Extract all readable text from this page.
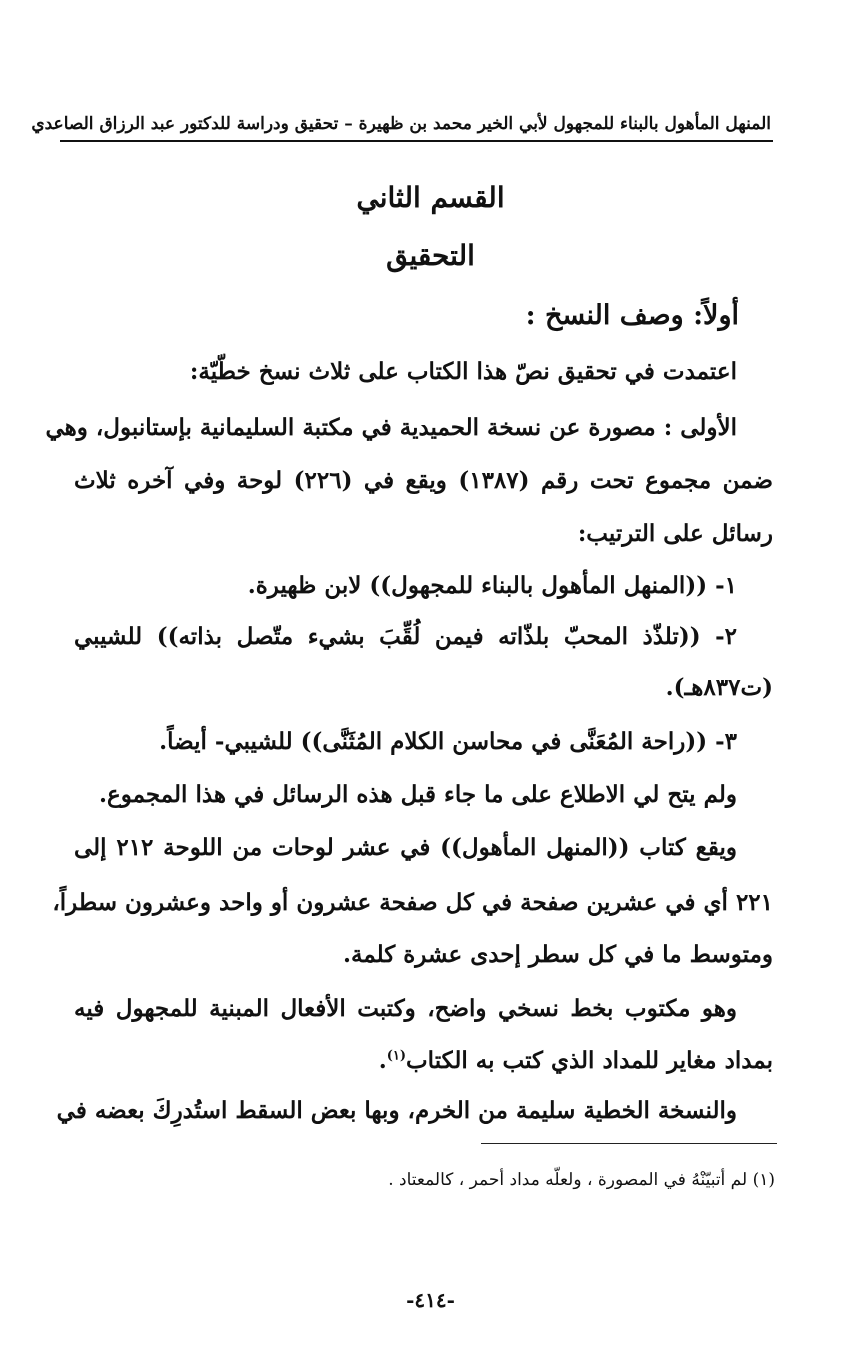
المنهل المأهول بالبناء للمجهول لأبي الخير محمد بن ظهيرة – تحقيق ودراسة للدكتور عبد الرزاق الصاعدي
القسم الثاني
التحقيق
أولاً: وصف النسخ :
اعتمدت في تحقيق نصّ هذا الكتاب على ثلاث نسخ خطّيّة:
الأولى : مصورة عن نسخة الحميدية في مكتبة السليمانية بإستانبول، وهي
ضمن مجموع تحت رقم (١٣٨٧) ويقع في (٢٢٦) لوحة وفي آخره ثلاث
رسائل على الترتيب:
١- ((المنهل المأهول بالبناء للمجهول)) لابن ظهيرة.
٢- ((تلذّذ المحبّ بلذّاته فيمن لُقِّبَ بشيء متّصل بذاته)) للشيبي
(ت٨٣٧هـ).
٣- ((راحة المُعَنَّى في محاسن الكلام المُثَنَّى)) للشيبي- أيضاً.
ولم يتح لي الاطلاع على ما جاء قبل هذه الرسائل في هذا المجموع.
ويقع كتاب ((المنهل المأهول)) في عشر لوحات من اللوحة ٢١٢ إلى
٢٢١ أي في عشرين صفحة في كل صفحة عشرون أو واحد وعشرون سطراً،
ومتوسط ما في كل سطر إحدى عشرة كلمة.
وهو مكتوب بخط نسخي واضح، وكتبت الأفعال المبنية للمجهول فيه
بمداد مغاير للمداد الذي كتب به الكتاب$^{(١)}$.
والنسخة الخطية سليمة من الخرم، وبها بعض السقط استُدرِكَ بعضه في
(١) لم أتبيّنْهُ في المصورة ، ولعلّه مداد أحمر ، كالمعتاد .
-٤١٤-
